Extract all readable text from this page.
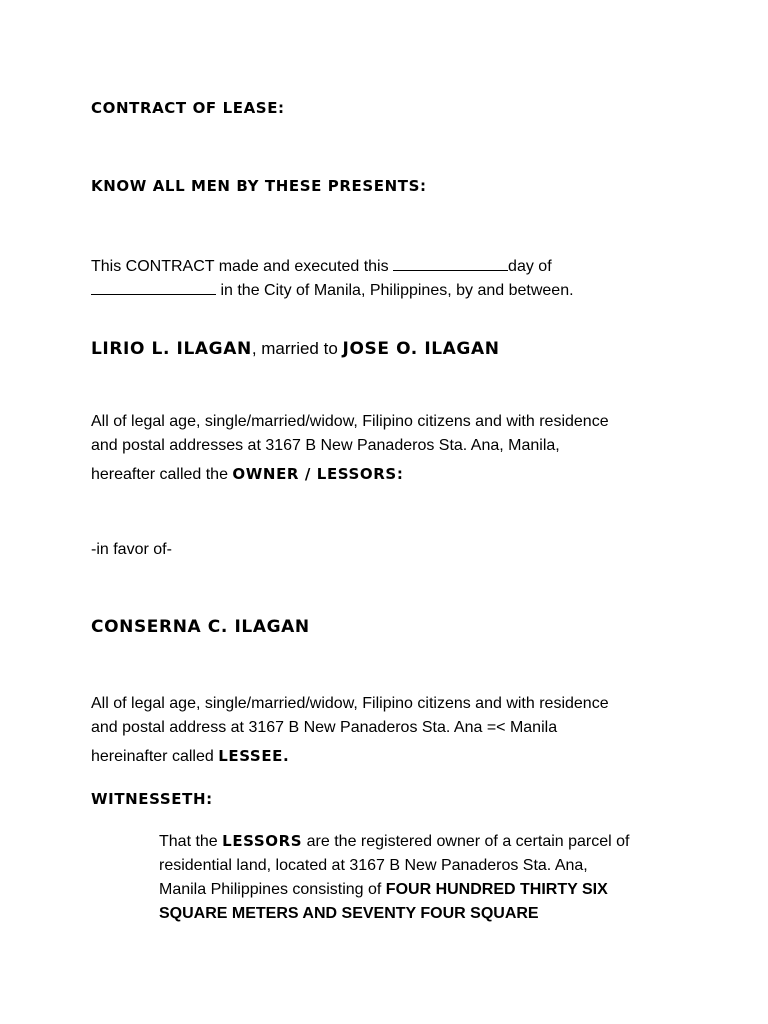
CONTRACT OF LEASE:
KNOW ALL MEN BY THESE PRESENTS:
This CONTRACT made and executed this	day of
in the City of Manila, Philippines, by and between.
LIRIO L. ILAGAN, married to JOSE O. ILAGAN
All of legal age, single/married/widow, Filipino citizens and with residence
and postal addresses at 3167 B New Panaderos Sta. Ana, Manila,
hereafter called the OWNER / LESSORS:
-in favor of-
CONSERNA C. ILAGAN
All of legal age, single/married/widow, Filipino citizens and with residence
and postal address at 3167 B New Panaderos Sta. Ana =< Manila
hereinafter called LESSEE.
WITNESSETH:
That the LESSORS are the registered owner of a certain parcel of
residential land, located at 3167 B New Panaderos Sta. Ana,
Manila Philippines consisting of FOUR HUNDRED THIRTY SIX
SQUARE METERS AND SEVENTY FOUR SQUARE
